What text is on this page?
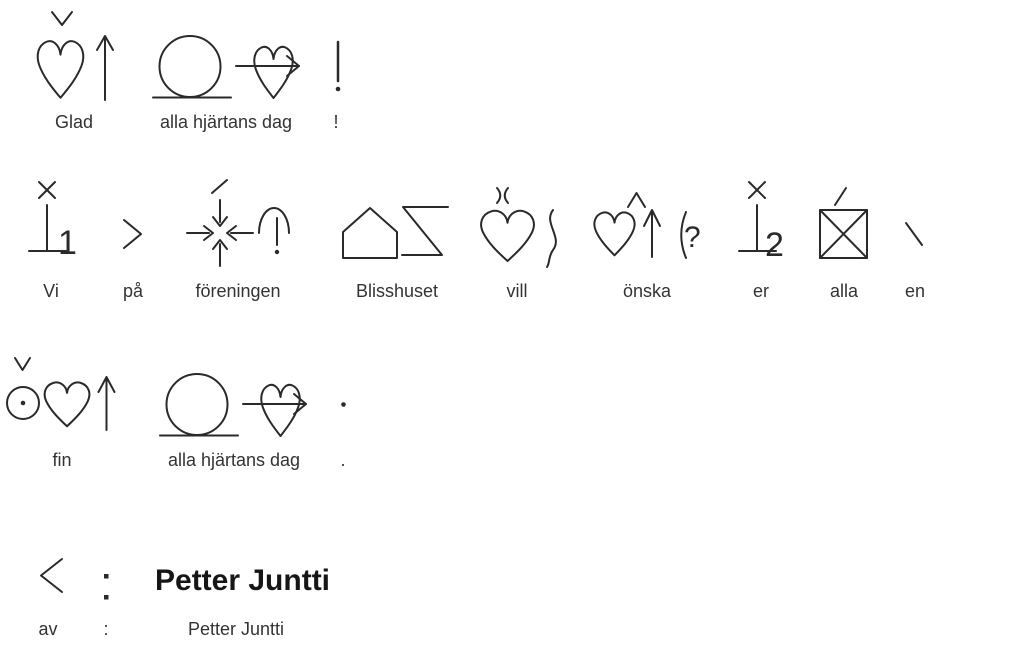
Glad	alla hjärtans dag	!
1
Vi	på	föreningen	Blisshuset	vill
?
önska
2
er	alla	en
fin	alla hjärtans dag	.
av	:
Petter Juntti
Petter Juntti
